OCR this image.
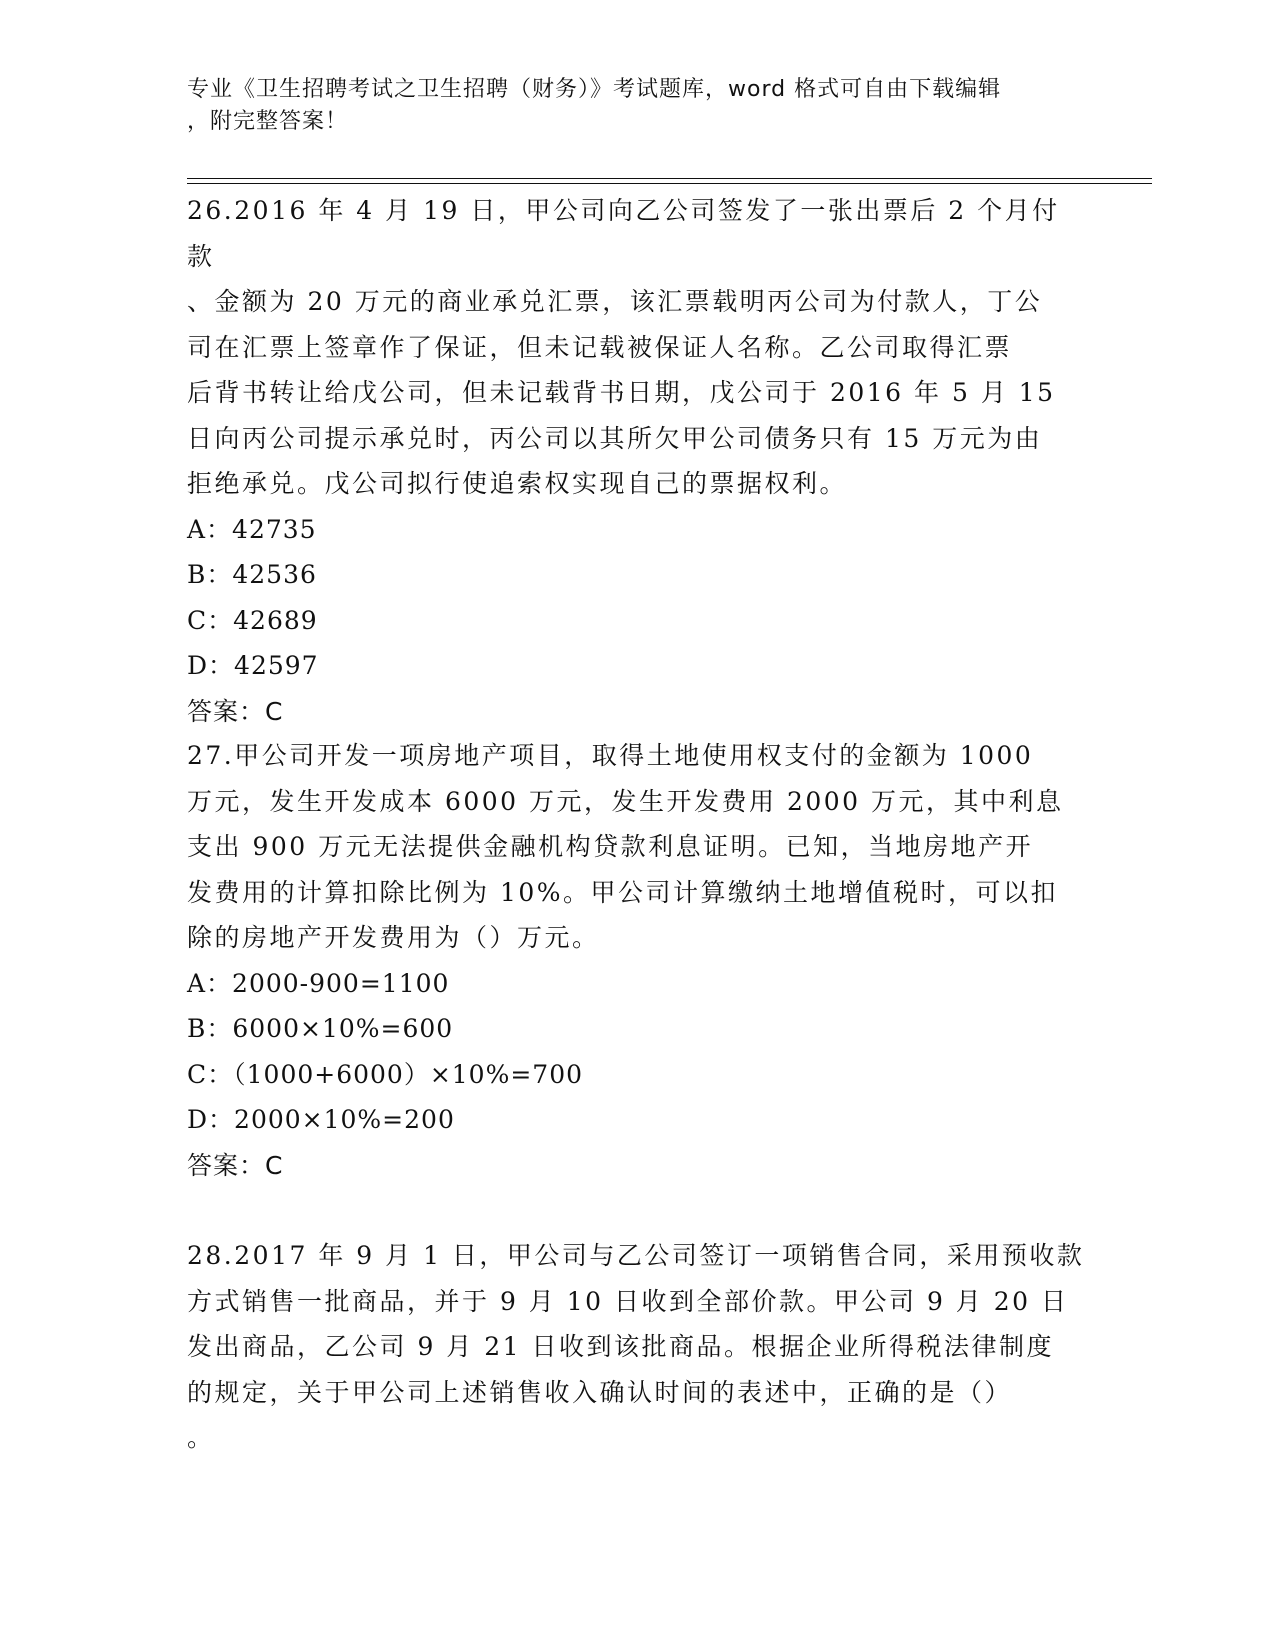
专业《卫生招聘考试之卫生招聘（财务）》考试题库，word 格式可自由下载编辑
，附完整答案！
26.2016 年 4 月 19 日，甲公司向乙公司签发了一张出票后 2 个月付款
、金额为 20 万元的商业承兑汇票，该汇票载明丙公司为付款人，丁公
司在汇票上签章作了保证，但未记载被保证人名称。乙公司取得汇票
后背书转让给戊公司，但未记载背书日期，戊公司于 2016 年 5 月 15
日向丙公司提示承兑时，丙公司以其所欠甲公司债务只有 15 万元为由
拒绝承兑。戊公司拟行使追索权实现自己的票据权利。
A：42735
B：42536
C：42689
D：42597
答案：C
27.甲公司开发一项房地产项目，取得土地使用权支付的金额为 1000
万元，发生开发成本 6000 万元，发生开发费用 2000 万元，其中利息
支出 900 万元无法提供金融机构贷款利息证明。已知，当地房地产开
发费用的计算扣除比例为 10%。甲公司计算缴纳土地增值税时，可以扣
除的房地产开发费用为（）万元。
A：2000-900=1100
B：6000×10%=600
C：（1000+6000）×10%=700
D：2000×10%=200
答案：C
28.2017 年 9 月 1 日，甲公司与乙公司签订一项销售合同，采用预收款
方式销售一批商品，并于 9 月 10 日收到全部价款。甲公司 9 月 20 日
发出商品，乙公司 9 月 21 日收到该批商品。根据企业所得税法律制度
的规定，关于甲公司上述销售收入确认时间的表述中，正确的是（）
。
